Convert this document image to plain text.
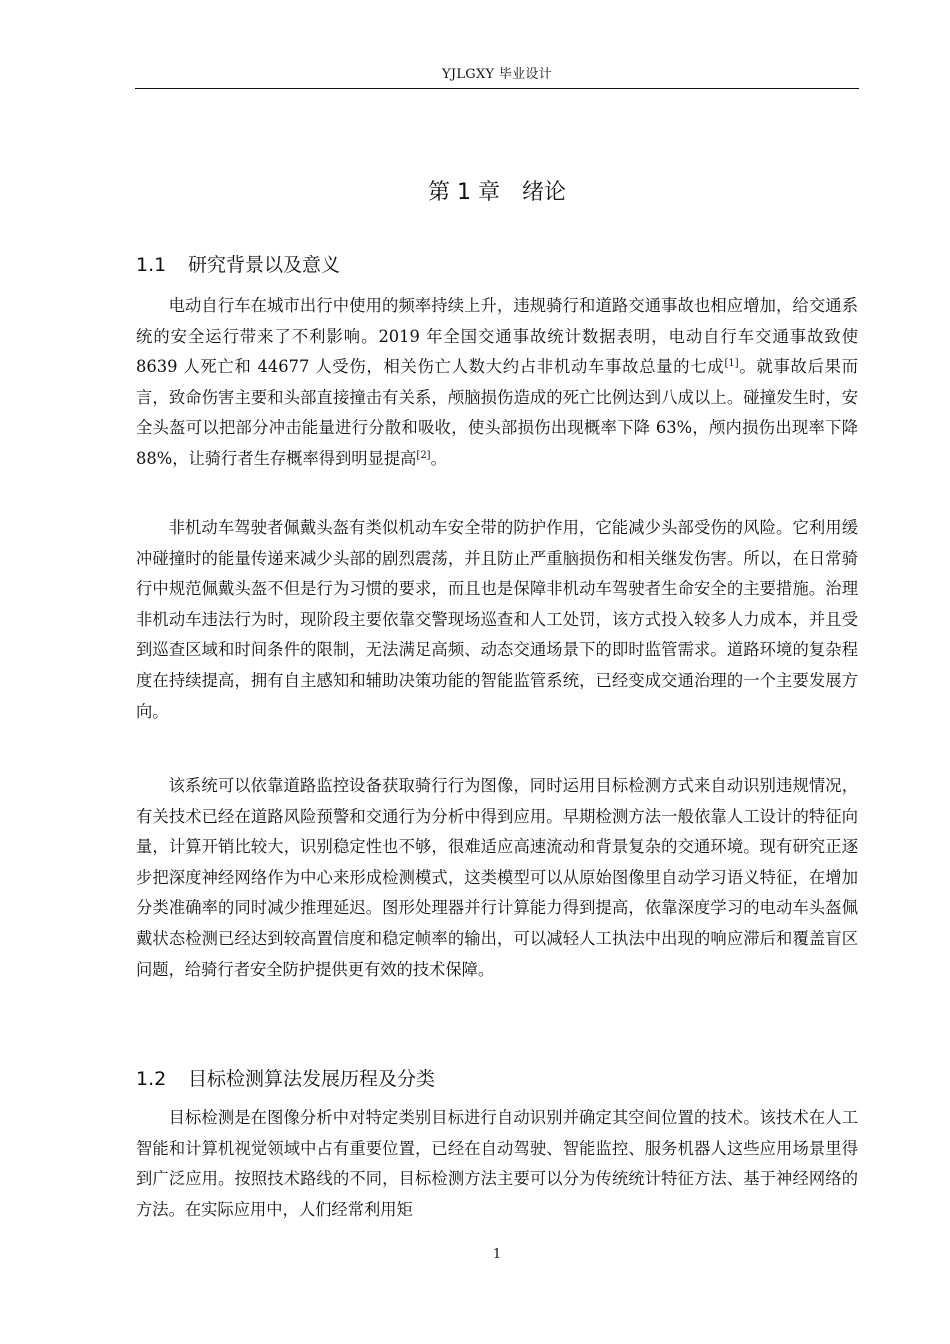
YJLGXY 毕业设计
第 1 章 绪论
1.1 研究背景以及意义

电动自行车在城市出行中使用的频率持续上升，违规骑行和道路交通事故也相应增加，给交通系统的安全运行带来了不利影响。2019 年全国交通事故统计数据表明，电动自行车交通事故致使 8639 人死亡和 44677 人受伤，相关伤亡人数大约占非机动车事故总量的七成[1]。就事故后果而言，致命伤害主要和头部直接撞击有关系，颅脑损伤造成的死亡比例达到八成以上。碰撞发生时，安全头盔可以把部分冲击能量进行分散和吸收，使头部损伤出现概率下降 63%，颅内损伤出现率下降 88%，让骑行者生存概率得到明显提高[2]。

非机动车驾驶者佩戴头盔有类似机动车安全带的防护作用，它能减少头部受伤的风险。它利用缓冲碰撞时的能量传递来减少头部的剧烈震荡，并且防止严重脑损伤和相关继发伤害。所以，在日常骑行中规范佩戴头盔不但是行为习惯的要求，而且也是保障非机动车驾驶者生命安全的主要措施。治理非机动车违法行为时，现阶段主要依靠交警现场巡查和人工处罚，该方式投入较多人力成本，并且受到巡查区域和时间条件的限制，无法满足高频、动态交通场景下的即时监管需求。道路环境的复杂程度在持续提高，拥有自主感知和辅助决策功能的智能监管系统，已经变成交通治理的一个主要发展方向。

该系统可以依靠道路监控设备获取骑行行为图像，同时运用目标检测方式来自动识别违规情况，有关技术已经在道路风险预警和交通行为分析中得到应用。早期检测方法一般依靠人工设计的特征向量，计算开销比较大，识别稳定性也不够，很难适应高速流动和背景复杂的交通环境。现有研究正逐步把深度神经网络作为中心来形成检测模式，这类模型可以从原始图像里自动学习语义特征，在增加分类准确率的同时减少推理延迟。图形处理器并行计算能力得到提高，依靠深度学习的电动车头盔佩戴状态检测已经达到较高置信度和稳定帧率的输出，可以减轻人工执法中出现的响应滞后和覆盖盲区问题，给骑行者安全防护提供更有效的技术保障。

1.2 目标检测算法发展历程及分类

目标检测是在图像分析中对特定类别目标进行自动识别并确定其空间位置的技术。该技术在人工智能和计算机视觉领域中占有重要位置，已经在自动驾驶、智能监控、服务机器人这些应用场景里得到广泛应用。按照技术路线的不同，目标检测方法主要可以分为传统统计特征方法、基于神经网络的方法。在实际应用中，人们经常利用矩

1
